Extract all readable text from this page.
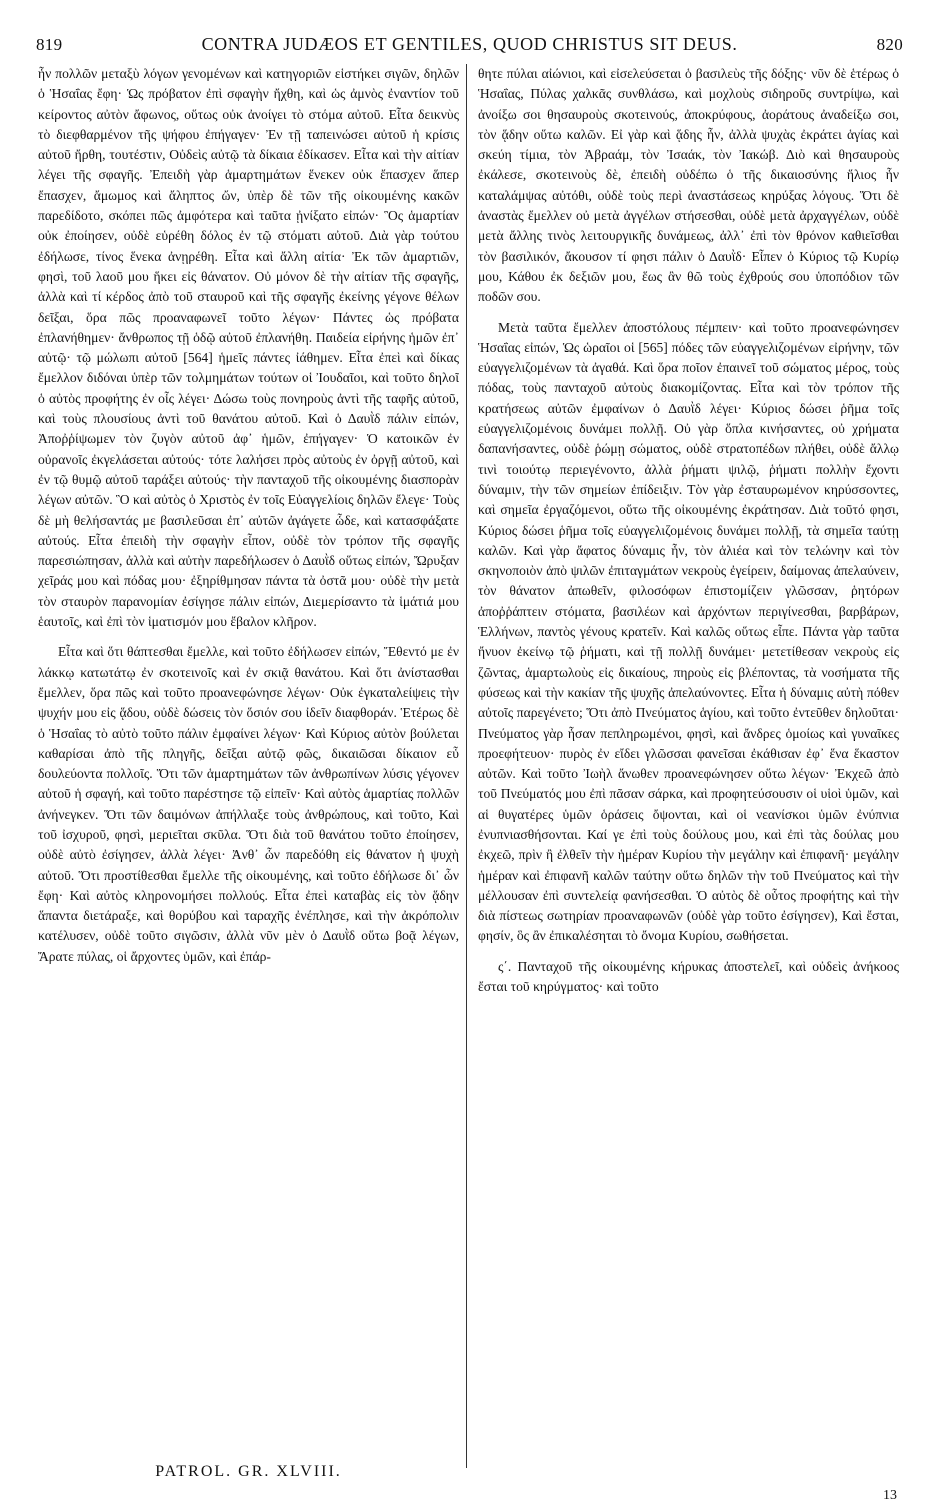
819	CONTRA JUDÆOS ET GENTILES, QUOD CHRISTUS SIT DEUS.	820

ἦν πολλῶν μεταξὺ λόγων γενομένων καὶ κατηγοριῶν εἱστήκει σιγῶν, δηλῶν ὁ Ἡσαΐας ἔφη· Ὡς πρόβατον ἐπὶ σφαγὴν ἤχθη, καὶ ὡς ἀμνὸς ἐναντίον τοῦ κείροντος αὐτὸν ἄφωνος, οὕτως οὐκ ἀνοίγει τὸ στόμα αὐτοῦ. Εἶτα δεικνὺς τὸ διεφθαρμένον τῆς ψήφου ἐπήγαγεν· Ἐν τῇ ταπεινώσει αὐτοῦ ἡ κρίσις αὐτοῦ ἤρθη, τουτέστιν, Οὐδεὶς αὐτῷ τὰ δίκαια ἐδίκασεν. Εἶτα καὶ τὴν αἰτίαν λέγει τῆς σφαγῆς. Ἐπειδὴ γὰρ ἁμαρτημάτων ἕνεκεν οὐκ ἔπασχεν ἅπερ ἔπασχεν, ἄμωμος καὶ ἄληπτος ὤν, ὑπὲρ δὲ τῶν τῆς οἰκουμένης κακῶν παρεδίδοτο, σκόπει πῶς ἀμφότερα καὶ ταῦτα ᾐνίξατο εἰπών· Ὃς ἁμαρτίαν οὐκ ἐποίησεν, οὐδὲ εὑρέθη δόλος ἐν τῷ στόματι αὐτοῦ. Διὰ γὰρ τούτου ἐδήλωσε, τίνος ἕνεκα ἀνῃρέθη. Εἶτα καὶ ἄλλη αἰτία· Ἐκ τῶν ἁμαρτιῶν, φησὶ, τοῦ λαοῦ μου ἥκει εἰς θάνατον. Οὐ μόνον δὲ τὴν αἰτίαν τῆς σφαγῆς, ἀλλὰ καὶ τί κέρδος ἀπὸ τοῦ σταυροῦ καὶ τῆς σφαγῆς ἐκείνης γέγονε θέλων δεῖξαι, ὅρα πῶς προαναφωνεῖ τοῦτο λέγων· Πάντες ὡς πρόβατα ἐπλανήθημεν· ἄνθρωπος τῇ ὁδῷ αὐτοῦ ἐπλανήθη. Παιδεία εἰρήνης ἡμῶν ἐπ᾽ αὐτῷ· τῷ μώλωπι αὐτοῦ [564] ἡμεῖς πάντες ἰάθημεν. Εἶτα ἐπεὶ καὶ δίκας ἔμελλον διδόναι ὑπὲρ τῶν τολμημάτων τούτων οἱ Ἰουδαῖοι, καὶ τοῦτο δηλοῖ ὁ αὐτὸς προφήτης ἐν οἷς λέγει· Δώσω τοὺς πονηροὺς ἀντὶ τῆς ταφῆς αὐτοῦ, καὶ τοὺς πλουσίους ἀντὶ τοῦ θανάτου αὐτοῦ. Καὶ ὁ Δαυῒδ πάλιν εἰπών, Ἀποῤῥίψωμεν τὸν ζυγὸν αὐτοῦ ἀφ᾽ ἡμῶν, ἐπήγαγεν· Ὁ κατοικῶν ἐν οὐρανοῖς ἐκγελάσεται αὐτούς· τότε λαλήσει πρὸς αὐτοὺς ἐν ὀργῇ αὐτοῦ, καὶ ἐν τῷ θυμῷ αὐτοῦ ταράξει αὐτούς· τὴν πανταχοῦ τῆς οἰκουμένης διασπορὰν λέγων αὐτῶν. Ὃ καὶ αὐτὸς ὁ Χριστὸς ἐν τοῖς Εὐαγγελίοις δηλῶν ἔλεγε· Τοὺς δὲ μὴ θελήσαντάς με βασιλεῦσαι ἐπ᾽ αὐτῶν ἀγάγετε ὧδε, καὶ κατασφάξατε αὐτούς. Εἶτα ἐπειδὴ τὴν σφαγὴν εἶπον, οὐδὲ τὸν τρόπον τῆς σφαγῆς παρεσιώπησαν, ἀλλὰ καὶ αὐτὴν παρεδήλωσεν ὁ Δαυῒδ οὕτως εἰπών, Ὤρυξαν χεῖράς μου καὶ πόδας μου· ἐξηρίθμησαν πάντα τὰ ὀστᾶ μου· οὐδὲ τὴν μετὰ τὸν σταυρὸν παρανομίαν ἐσίγησε πάλιν εἰπών, Διεμερίσαντο τὰ ἱμάτιά μου ἑαυτοῖς, καὶ ἐπὶ τὸν ἱματισμόν μου ἔβαλον κλῆρον.

Εἶτα καὶ ὅτι θάπτεσθαι ἔμελλε, καὶ τοῦτο ἐδήλωσεν εἰπών, Ἔθεντό με ἐν λάκκῳ κατωτάτῳ ἐν σκοτεινοῖς καὶ ἐν σκιᾷ θανάτου. Καὶ ὅτι ἀνίστασθαι ἔμελλεν, ὅρα πῶς καὶ τοῦτο προανεφώνησε λέγων· Οὐκ ἐγκαταλείψεις τὴν ψυχήν μου εἰς ᾅδου, οὐδὲ δώσεις τὸν ὅσιόν σου ἰδεῖν διαφθοράν. Ἑτέρως δὲ ὁ Ἡσαΐας τὸ αὐτὸ τοῦτο πάλιν ἐμφαίνει λέγων· Καὶ Κύριος αὐτὸν βούλεται καθαρίσαι ἀπὸ τῆς πληγῆς, δεῖξαι αὐτῷ φῶς, δικαιῶσαι δίκαιον εὖ δουλεύοντα πολλοῖς. Ὅτι τῶν ἁμαρτημάτων τῶν ἀνθρωπίνων λύσις γέγονεν αὐτοῦ ἡ σφαγή, καὶ τοῦτο παρέστησε τῷ εἰπεῖν· Καὶ αὐτὸς ἁμαρτίας πολλῶν ἀνήνεγκεν. Ὅτι τῶν δαιμόνων ἀπήλλαξε τοὺς ἀνθρώπους, καὶ τοῦτο, Καὶ τοῦ ἰσχυροῦ, φησὶ, μεριεῖται σκῦλα. Ὅτι διὰ τοῦ θανάτου τοῦτο ἐποίησεν, οὐδὲ αὐτὸ ἐσίγησεν, ἀλλὰ λέγει· Ἀνθ᾽ ὧν παρεδόθη εἰς θάνατον ἡ ψυχὴ αὐτοῦ. Ὅτι προστίθεσθαι ἔμελλε τῆς οἰκουμένης, καὶ τοῦτο ἐδήλωσε δι᾽ ὧν ἔφη· Καὶ αὐτὸς κληρονομήσει πολλούς. Εἶτα ἐπεὶ καταβὰς εἰς τὸν ᾅδην ἅπαντα διετάραξε, καὶ θορύβου καὶ ταραχῆς ἐνέπλησε, καὶ τὴν ἀκρόπολιν κατέλυσεν, οὐδὲ τοῦτο σιγῶσιν, ἀλλὰ νῦν μὲν ὁ Δαυῒδ οὕτω βοᾷ λέγων, Ἄρατε πύλας, οἱ ἄρχοντες ὑμῶν, καὶ ἐπάρ-

θητε πύλαι αἰώνιοι, καὶ εἰσελεύσεται ὁ βασιλεὺς τῆς δόξης· νῦν δὲ ἑτέρως ὁ Ἡσαΐας, Πύλας χαλκᾶς συνθλάσω, καὶ μοχλοὺς σιδηροῦς συντρίψω, καὶ ἀνοίξω σοι θησαυροὺς σκοτεινούς, ἀποκρύφους, ἀοράτους ἀναδείξω σοι, τὸν ᾅδην οὕτω καλῶν. Εἰ γὰρ καὶ ᾅδης ἦν, ἀλλὰ ψυχὰς ἐκράτει ἁγίας καὶ σκεύη τίμια, τὸν Ἀβραάμ, τὸν Ἰσαάκ, τὸν Ἰακώβ. Διὸ καὶ θησαυροὺς ἐκάλεσε, σκοτεινοὺς δὲ, ἐπειδὴ οὐδέπω ὁ τῆς δικαιοσύνης ἥλιος ἦν καταλάμψας αὐτόθι, οὐδὲ τοὺς περὶ ἀναστάσεως κηρύξας λόγους. Ὅτι δὲ ἀναστὰς ἔμελλεν οὐ μετὰ ἀγγέλων στήσεσθαι, οὐδὲ μετὰ ἀρχαγγέλων, οὐδὲ μετὰ ἄλλης τινὸς λειτουργικῆς δυνάμεως, ἀλλ᾽ ἐπὶ τὸν θρόνον καθιεῖσθαι τὸν βασιλικόν, ἄκουσον τί φησι πάλιν ὁ Δαυῒδ· Εἶπεν ὁ Κύριος τῷ Κυρίῳ μου, Κάθου ἐκ δεξιῶν μου, ἕως ἂν θῶ τοὺς ἐχθρούς σου ὑποπόδιον τῶν ποδῶν σου.

Μετὰ ταῦτα ἔμελλεν ἀποστόλους πέμπειν· καὶ τοῦτο προανεφώνησεν Ἡσαΐας εἰπών, Ὡς ὡραῖοι οἱ [565] πόδες τῶν εὐαγγελιζομένων εἰρήνην, τῶν εὐαγγελιζομένων τὰ ἀγαθά. Καὶ ὅρα ποῖον ἐπαινεῖ τοῦ σώματος μέρος, τοὺς πόδας, τοὺς πανταχοῦ αὐτοὺς διακομίζοντας. Εἶτα καὶ τὸν τρόπον τῆς κρατήσεως αὐτῶν ἐμφαίνων ὁ Δαυῒδ λέγει· Κύριος δώσει ῥῆμα τοῖς εὐαγγελιζομένοις δυνάμει πολλῇ. Οὐ γὰρ ὅπλα κινήσαντες, οὐ χρήματα δαπανήσαντες, οὐδὲ ῥώμῃ σώματος, οὐδὲ στρατοπέδων πλήθει, οὐδὲ ἄλλῳ τινὶ τοιούτῳ περιεγένοντο, ἀλλὰ ῥήματι ψιλῷ, ῥήματι πολλὴν ἔχοντι δύναμιν, τὴν τῶν σημείων ἐπίδειξιν. Τὸν γὰρ ἐσταυρωμένον κηρύσσοντες, καὶ σημεῖα ἐργαζόμενοι, οὕτω τῆς οἰκουμένης ἐκράτησαν. Διὰ τοῦτό φησι, Κύριος δώσει ῥῆμα τοῖς εὐαγγελιζομένοις δυνάμει πολλῇ, τὰ σημεῖα ταύτῃ καλῶν. Καὶ γὰρ ἄφατος δύναμις ἦν, τὸν ἁλιέα καὶ τὸν τελώνην καὶ τὸν σκηνοποιὸν ἀπὸ ψιλῶν ἐπιταγμάτων νεκροὺς ἐγείρειν, δαίμονας ἀπελαύνειν, τὸν θάνατον ἀπωθεῖν, φιλοσόφων ἐπιστομίζειν γλῶσσαν, ῥητόρων ἀποῤῥάπτειν στόματα, βασιλέων καὶ ἀρχόντων περιγίνεσθαι, βαρβάρων, Ἑλλήνων, παντὸς γένους κρατεῖν. Καὶ καλῶς οὕτως εἶπε. Πάντα γὰρ ταῦτα ἤνυον ἐκείνῳ τῷ ῥήματι, καὶ τῇ πολλῇ δυνάμει· μετετίθεσαν νεκροὺς εἰς ζῶντας, ἁμαρτωλοὺς εἰς δικαίους, πηροὺς εἰς βλέποντας, τὰ νοσήματα τῆς φύσεως καὶ τὴν κακίαν τῆς ψυχῆς ἀπελαύνοντες. Εἶτα ἡ δύναμις αὐτὴ πόθεν αὐτοῖς παρεγένετο; Ὅτι ἀπὸ Πνεύματος ἁγίου, καὶ τοῦτο ἐντεῦθεν δηλοῦται· Πνεύματος γὰρ ἦσαν πεπληρωμένοι, φησὶ, καὶ ἄνδρες ὁμοίως καὶ γυναῖκες προεφήτευον· πυρὸς ἐν εἴδει γλῶσσαι φανεῖσαι ἐκάθισαν ἐφ᾽ ἕνα ἕκαστον αὐτῶν. Καὶ τοῦτο Ἰωὴλ ἄνωθεν προανεφώνησεν οὕτω λέγων· Ἐκχεῶ ἀπὸ τοῦ Πνεύματός μου ἐπὶ πᾶσαν σάρκα, καὶ προφητεύσουσιν οἱ υἱοὶ ὑμῶν, καὶ αἱ θυγατέρες ὑμῶν ὁράσεις ὄψονται, καὶ οἱ νεανίσκοι ὑμῶν ἐνύπνια ἐνυπνιασθήσονται. Καί γε ἐπὶ τοὺς δούλους μου, καὶ ἐπὶ τὰς δούλας μου ἐκχεῶ, πρὶν ἢ ἐλθεῖν τὴν ἡμέραν Κυρίου τὴν μεγάλην καὶ ἐπιφανῆ· μεγάλην ἡμέραν καὶ ἐπιφανῆ καλῶν ταύτην οὕτω δηλῶν τὴν τοῦ Πνεύματος καὶ τὴν μέλλουσαν ἐπὶ συντελείᾳ φανήσεσθαι. Ὁ αὐτὸς δὲ οὗτος προφήτης καὶ τὴν διὰ πίστεως σωτηρίαν προαναφωνῶν (οὐδὲ γὰρ τοῦτο ἐσίγησεν), Καὶ ἔσται, φησίν, ὃς ἂν ἐπικαλέσηται τὸ ὄνομα Κυρίου, σωθήσεται.

ς΄. Πανταχοῦ τῆς οἰκουμένης κήρυκας ἀποστελεῖ, καὶ οὐδεὶς ἀνήκοος ἔσται τοῦ κηρύγματος· καὶ τοῦτο

PATROL. GR. XLVIII.
13
